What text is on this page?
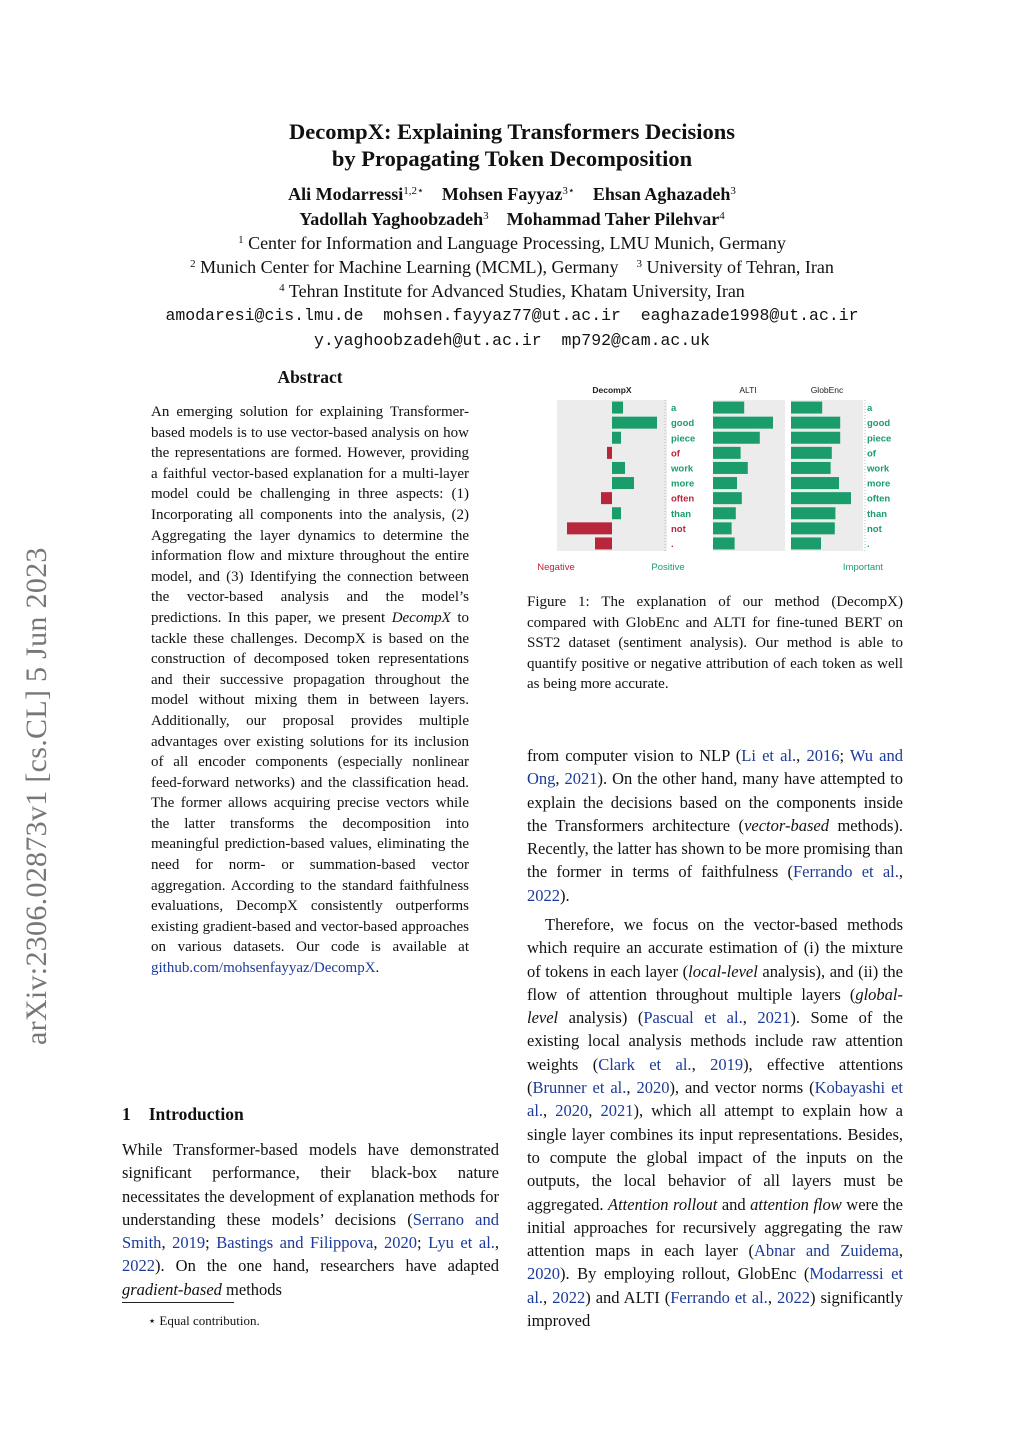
arXiv:2306.02873v1 [cs.CL] 5 Jun 2023
DecompX: Explaining Transformers Decisions
by Propagating Token Decomposition
Ali Modarressi$^{1,2⋆}$ Mohsen Fayyaz$^{3⋆}$ Ehsan Aghazadeh$^3$
Yadollah Yaghoobzadeh$^3$ Mohammad Taher Pilehvar$^4$
$^1$ Center for Information and Language Processing, LMU Munich, Germany
$^2$ Munich Center for Machine Learning (MCML), Germany $^3$ University of Tehran, Iran
$^4$ Tehran Institute for Advanced Studies, Khatam University, Iran
amodaresi@cis.lmu.de  mohsen.fayyaz77@ut.ac.ir  eaghazade1998@ut.ac.ir
y.yaghoobzadeh@ut.ac.ir  mp792@cam.ac.uk
Abstract
An emerging solution for explaining Transformer-based models is to use vector-based analysis on how the representations are formed. However, providing a faithful vector-based explanation for a multi-layer model could be challenging in three aspects: (1) Incorporating all components into the analysis, (2) Aggregating the layer dynamics to determine the information flow and mixture throughout the entire model, and (3) Identifying the connection between the vector-based analysis and the model’s predictions. In this paper, we present DecompX to tackle these challenges. DecompX is based on the construction of decomposed token representations and their successive propagation throughout the model without mixing them in between layers. Additionally, our proposal provides multiple advantages over existing solutions for its inclusion of all encoder components (especially nonlinear feed-forward networks) and the classification head. The former allows acquiring precise vectors while the latter transforms the decomposition into meaningful prediction-based values, eliminating the need for norm- or summation-based vector aggregation. According to the standard faithfulness evaluations, DecompX consistently outperforms existing gradient-based and vector-based approaches on various datasets. Our code is available at github.com/mohsenfayyaz/DecompX.
1 Introduction
While Transformer-based models have demonstrated significant performance, their black-box nature necessitates the development of explanation methods for understanding these models’ decisions (Serrano and Smith, 2019; Bastings and Filippova, 2020; Lyu et al., 2022). On the one hand, researchers have adapted gradient-based methods
⋆ Equal contribution.
DecompX	ALTI	GlobEnc
a
good
piece
of
work
more
often
than
not
.
a
good
piece
of
work
more
often
than
not
.
Negative	Positive	Important
Figure 1: The explanation of our method (DecompX) compared with GlobEnc and ALTI for fine-tuned BERT on SST2 dataset (sentiment analysis). Our method is able to quantify positive or negative attribution of each token as well as being more accurate.
from computer vision to NLP (Li et al., 2016; Wu and Ong, 2021). On the other hand, many have attempted to explain the decisions based on the components inside the Transformers architecture (vector-based methods). Recently, the latter has shown to be more promising than the former in terms of faithfulness (Ferrando et al., 2022).
Therefore, we focus on the vector-based methods which require an accurate estimation of (i) the mixture of tokens in each layer (local-level analysis), and (ii) the flow of attention throughout multiple layers (global-level analysis) (Pascual et al., 2021). Some of the existing local analysis methods include raw attention weights (Clark et al., 2019), effective attentions (Brunner et al., 2020), and vector norms (Kobayashi et al., 2020, 2021), which all attempt to explain how a single layer combines its input representations. Besides, to compute the global impact of the inputs on the outputs, the local behavior of all layers must be aggregated. Attention rollout and attention flow were the initial approaches for recursively aggregating the raw attention maps in each layer (Abnar and Zuidema, 2020). By employing rollout, GlobEnc (Modarressi et al., 2022) and ALTI (Ferrando et al., 2022) significantly improved
